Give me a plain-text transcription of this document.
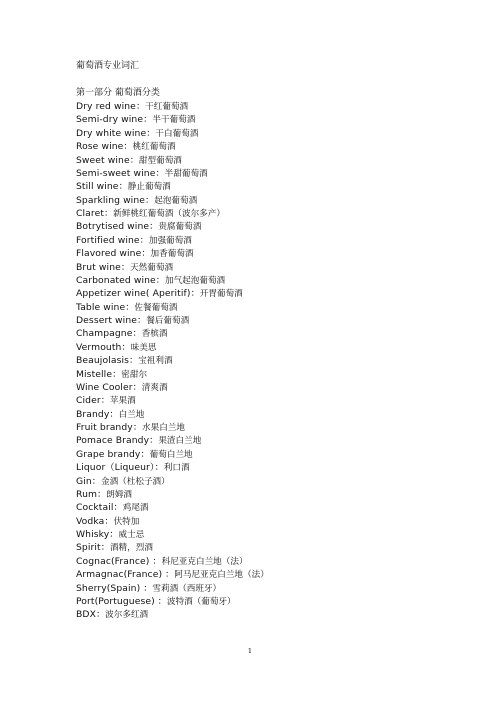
葡萄酒专业词汇
第一部分 葡萄酒分类
Dry red wine：干红葡萄酒
Semi-dry wine：半干葡萄酒
Dry white wine：干白葡萄酒
Rose wine：桃红葡萄酒
Sweet wine：甜型葡萄酒
Semi-sweet wine：半甜葡萄酒
Still wine：静止葡萄酒
Sparkling wine：起泡葡萄酒
Claret：新鲜桃红葡萄酒（波尔多产）
Botrytised wine：贵腐葡萄酒
Fortified wine：加强葡萄酒
Flavored wine：加香葡萄酒
Brut wine：天然葡萄酒
Carbonated wine：加气起泡葡萄酒
Appetizer wine( Aperitif)：开胃葡萄酒
Table wine：佐餐葡萄酒
Dessert wine：餐后葡萄酒
Champagne：香槟酒
Vermouth：味美思
Beaujolasis：宝祖利酒
Mistelle：密甜尔
Wine Cooler：清爽酒
Cider：苹果酒
Brandy：白兰地
Fruit brandy：水果白兰地
Pomace Brandy：果渣白兰地
Grape brandy：葡萄白兰地
Liquor（Liqueur）：利口酒
Gin：金酒（杜松子酒）
Rum：朗姆酒
Cocktail：鸡尾酒
Vodka：伏特加
Whisky：威士忌
Spirit：酒精，烈酒
Cognac(France) ：科尼亚克白兰地（法）
Armagnac(France) ：阿马尼亚克白兰地（法）
Sherry(Spain) ：雪莉酒（西班牙）
Port(Portuguese) ：波特酒（葡萄牙）
BDX：波尔多红酒
1
